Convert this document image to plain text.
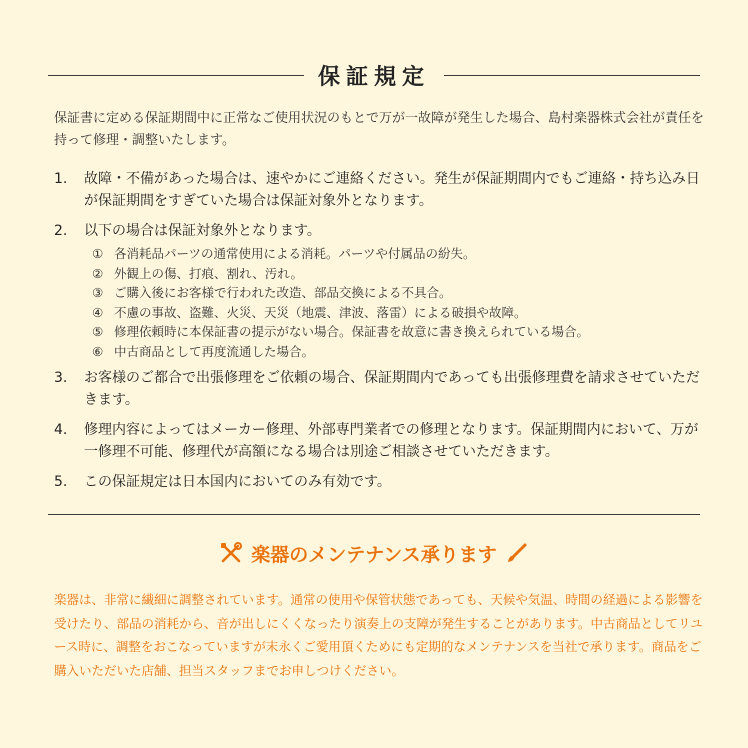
保証規定
保証書に定める保証期間中に正常なご使用状況のもとで万が一故障が発生した場合、島村楽器株式会社が責任を持って修理・調整いたします。
1.	故障・不備があった場合は、速やかにご連絡ください。発生が保証期間内でもご連絡・持ち込み日が保証期間をすぎていた場合は保証対象外となります。
2.	以下の場合は保証対象外となります。
① 各消耗品パーツの通常使用による消耗。パーツや付属品の紛失。
② 外観上の傷、打痕、割れ、汚れ。
③ ご購入後にお客様で行われた改造、部品交換による不具合。
④ 不慮の事故、盗難、火災、天災（地震、津波、落雷）による破損や故障。
⑤ 修理依頼時に本保証書の提示がない場合。保証書を故意に書き換えられている場合。
⑥ 中古商品として再度流通した場合。
3.	お客様のご都合で出張修理をご依頼の場合、保証期間内であっても出張修理費を請求させていただきます。
4.	修理内容によってはメーカー修理、外部専門業者での修理となります。保証期間内において、万が一修理不可能、修理代が高額になる場合は別途ご相談させていただきます。
5.	この保証規定は日本国内においてのみ有効です。
楽器のメンテナンス承ります
楽器は、非常に繊細に調整されています。通常の使用や保管状態であっても、天候や気温、時間の経過による影響を受けたり、部品の消耗から、音が出しにくくなったり演奏上の支障が発生することがあります。中古商品としてリユース時に、調整をおこなっていますが末永くご愛用頂くためにも定期的なメンテナンスを当社で承ります。商品をご購入いただいた店舗、担当スタッフまでお申しつけください。
